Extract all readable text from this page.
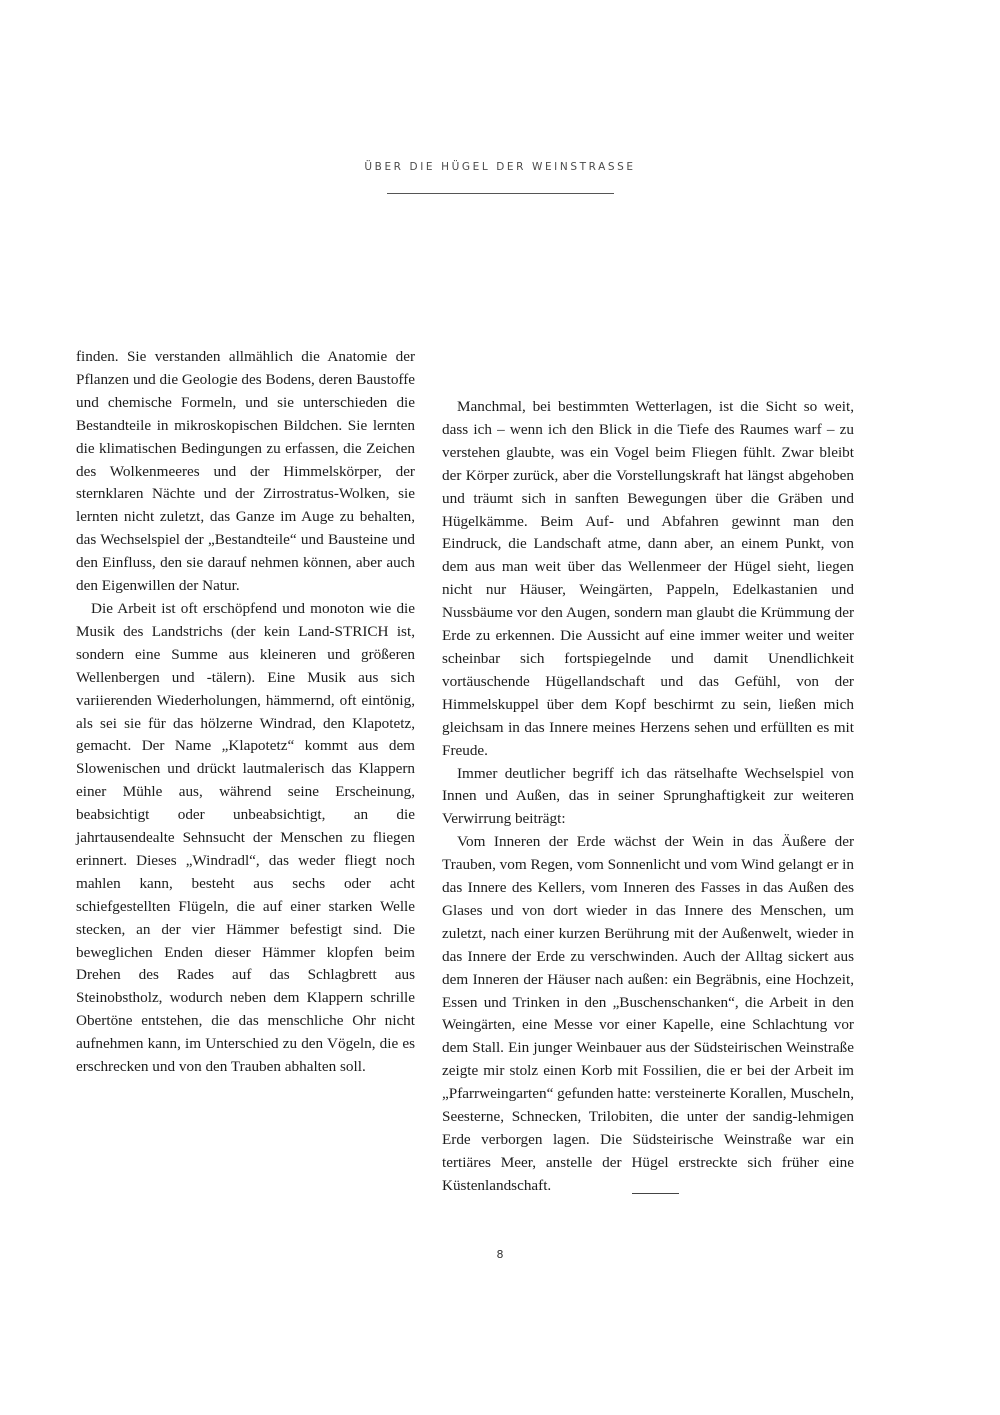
ÜBER DIE HÜGEL DER WEINSTRASSE

finden. Sie verstanden allmählich die Anatomie der Pflanzen und die Geologie des Bodens, deren Baustoffe und chemische Formeln, und sie unterschieden die Bestandteile in mikroskopischen Bildchen. Sie lernten die klimatischen Bedingungen zu erfassen, die Zeichen des Wolkenmeeres und der Himmelskörper, der sternklaren Nächte und der Zirrostratus-Wolken, sie lernten nicht zuletzt, das Ganze im Auge zu behalten, das Wechselspiel der „Bestandteile“ und Bausteine und den Einfluss, den sie darauf nehmen können, aber auch den Eigenwillen der Natur.

Die Arbeit ist oft erschöpfend und monoton wie die Musik des Landstrichs (der kein Land-STRICH ist, sondern eine Summe aus kleineren und größeren Wellenbergen und -tälern). Eine Musik aus sich variierenden Wiederholungen, hämmernd, oft eintönig, als sei sie für das hölzerne Windrad, den Klapotetz, gemacht. Der Name „Klapotetz“ kommt aus dem Slowenischen und drückt lautmalerisch das Klappern einer Mühle aus, während seine Erscheinung, beabsichtigt oder unbeabsichtigt, an die jahrtausendealte Sehnsucht der Menschen zu fliegen erinnert. Dieses „Windradl“, das weder fliegt noch mahlen kann, besteht aus sechs oder acht schiefgestellten Flügeln, die auf einer starken Welle stecken, an der vier Hämmer befestigt sind. Die beweglichen Enden dieser Hämmer klopfen beim Drehen des Rades auf das Schlagbrett aus Steinobstholz, wodurch neben dem Klappern schrille Obertöne entstehen, die das menschliche Ohr nicht aufnehmen kann, im Unterschied zu den Vögeln, die es erschrecken und von den Trauben abhalten soll.

Manchmal, bei bestimmten Wetterlagen, ist die Sicht so weit, dass ich – wenn ich den Blick in die Tiefe des Raumes warf – zu verstehen glaubte, was ein Vogel beim Fliegen fühlt. Zwar bleibt der Körper zurück, aber die Vorstellungskraft hat längst abgehoben und träumt sich in sanften Bewegungen über die Gräben und Hügelkämme. Beim Auf- und Abfahren gewinnt man den Eindruck, die Landschaft atme, dann aber, an einem Punkt, von dem aus man weit über das Wellenmeer der Hügel sieht, liegen nicht nur Häuser, Weingärten, Pappeln, Edelkastanien und Nussbäume vor den Augen, sondern man glaubt die Krümmung der Erde zu erkennen. Die Aussicht auf eine immer weiter und weiter scheinbar sich fortspiegelnde und damit Unendlichkeit vortäuschende Hügellandschaft und das Gefühl, von der Himmelskuppel über dem Kopf beschirmt zu sein, ließen mich gleichsam in das Innere meines Herzens sehen und erfüllten es mit Freude.

Immer deutlicher begriff ich das rätselhafte Wechselspiel von Innen und Außen, das in seiner Sprunghaftigkeit zur weiteren Verwirrung beiträgt:

Vom Inneren der Erde wächst der Wein in das Äußere der Trauben, vom Regen, vom Sonnenlicht und vom Wind gelangt er in das Innere des Kellers, vom Inneren des Fasses in das Außen des Glases und von dort wieder in das Innere des Menschen, um zuletzt, nach einer kurzen Berührung mit der Außenwelt, wieder in das Innere der Erde zu verschwinden. Auch der Alltag sickert aus dem Inneren der Häuser nach außen: ein Begräbnis, eine Hochzeit, Essen und Trinken in den „Buschenschanken“, die Arbeit in den Weingärten, eine Messe vor einer Kapelle, eine Schlachtung vor dem Stall. Ein junger Weinbauer aus der Südsteirischen Weinstraße zeigte mir stolz einen Korb mit Fossilien, die er bei der Arbeit im „Pfarrweingarten“ gefunden hatte: versteinerte Korallen, Muscheln, Seesterne, Schnecken, Trilobiten, die unter der sandig-lehmigen Erde verborgen lagen. Die Südsteirische Weinstraße war ein tertiäres Meer, anstelle der Hügel erstreckte sich früher eine Küstenlandschaft.

8
